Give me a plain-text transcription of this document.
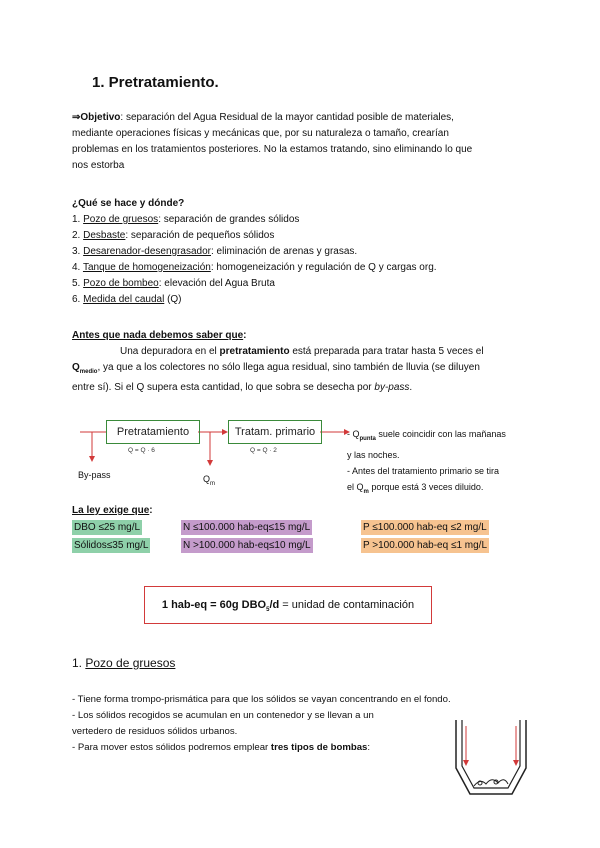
1. Pretratamiento.
⇒Objetivo: separación del Agua Residual de la mayor cantidad posible de materiales,
mediante operaciones físicas y mecánicas que, por su naturaleza o tamaño, crearían
problemas en los tratamientos posteriores. No la estamos tratando, sino eliminando lo que
nos estorba
¿Qué se hace y dónde?
1. Pozo de gruesos: separación de grandes sólidos
2. Desbaste: separación de pequeños sólidos
3. Desarenador-desengrasador: eliminación de arenas y grasas.
4. Tanque de homogeneización: homogeneización y regulación de Q y cargas org.
5. Pozo de bombeo: elevación del Agua Bruta
6. Medida del caudal (Q)
Antes que nada debemos saber que:
Una depuradora en el pretratamiento está preparada para tratar hasta 5 veces el
$Q_{medio}$, ya que a los colectores no sólo llega agua residual, sino también de lluvia (se diluyen
entre sí). Si el Q supera esta cantidad, lo que sobra se desecha por by-pass.
Pretratamiento	Tratam. primario
Q = Q · 6	Q = Q · 2
By-pass	$Q_m$
- $Q_{punta}$ suele coincidir con las mañanas
y las noches.
- Antes del tratamiento primario se tira
el $Q_m$ porque está 3 veces diluido.
La ley exige que:
DBO ≤25 mg/L	N ≤100.000 hab-eq≤15 mg/L	P ≤100.000 hab-eq ≤2 mg/L
Sólidos≤35 mg/L	N >100.000 hab-eq≤10 mg/L	P >100.000 hab-eq ≤1 mg/L
1 hab-eq = 60g $DBO_5/d$ = unidad de contaminación
1. Pozo de gruesos
- Tiene forma trompo-prismática para que los sólidos se vayan concentrando en el fondo.
- Los sólidos recogidos se acumulan en un contenedor y se llevan a un
vertedero de residuos sólidos urbanos.
- Para mover estos sólidos podremos emplear tres tipos de bombas:
